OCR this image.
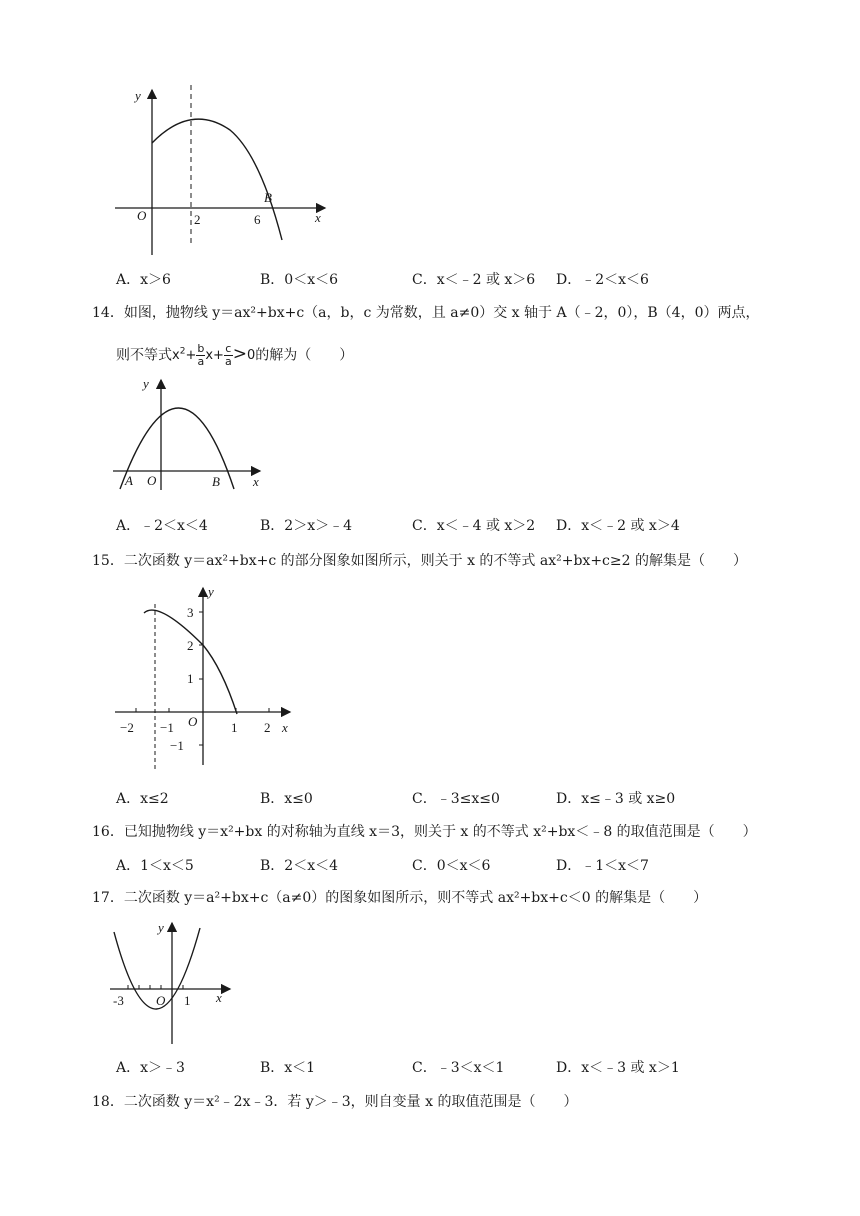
y
O	2	6
B
x
A．x＞6	B．0＜x＜6	C．x＜﹣2 或 x＞6 D．﹣2＜x＜6
14．如图，抛物线 y＝ax²+bx+c（a，b，c 为常数，且 a≠0）交 x 轴于 A（﹣2，0），B（4，0）两点，
则不等式$x^2+ \frac{b}{a} x+ \frac{c}{a} >0$的解为（　　）
y
A O	B	x
A．﹣2＜x＜4	B．2＞x＞﹣4	C．x＜﹣4 或 x＞2 D．x＜﹣2 或 x＞4
15．二次函数 y＝ax²+bx+c 的部分图象如图所示，则关于 x 的不等式 ax²+bx+c≥2 的解集是（　　）
y
3
2
1
−2 −1 O	1 2 x
−1
A．x≤2	B．x≤0	C．﹣3≤x≤0	D．x≤﹣3 或 x≥0
16．已知抛物线 y＝x²+bx 的对称轴为直线 x＝3，则关于 x 的不等式 x²+bx＜﹣8 的取值范围是（　　）
A．1＜x＜5	B．2＜x＜4	C．0＜x＜6	D．﹣1＜x＜7
17．二次函数 y＝a²+bx+c（a≠0）的图象如图所示，则不等式 ax²+bx+c＜0 的解集是（　　）
y
-3 O 1 x
A．x＞﹣3	B．x＜1	C．﹣3＜x＜1	D．x＜﹣3 或 x＞1
18．二次函数 y＝x²﹣2x﹣3．若 y＞﹣3，则自变量 x 的取值范围是（　　）
